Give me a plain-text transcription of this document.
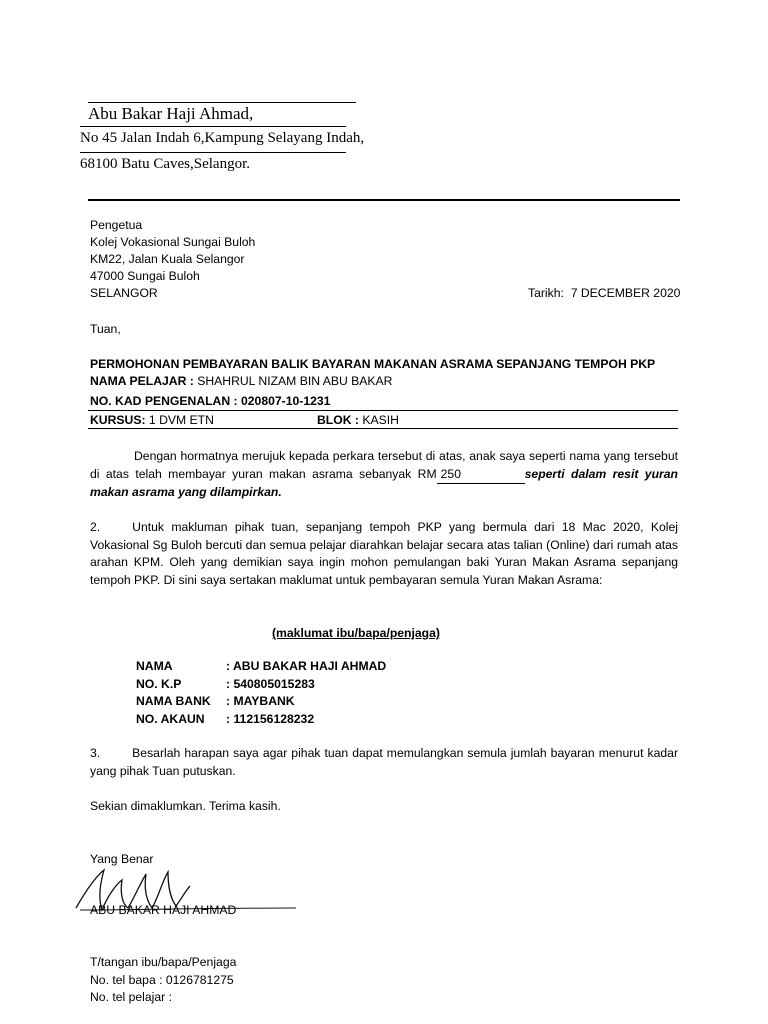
Abu Bakar Haji Ahmad,
No 45 Jalan Indah 6,Kampung Selayang Indah,
68100 Batu Caves,Selangor.
Pengetua
Kolej Vokasional Sungai Buloh
KM22, Jalan Kuala Selangor
47000 Sungai Buloh
SELANGOR	Tarikh: 7 DECEMBER 2020
Tuan,
PERMOHONAN PEMBAYARAN BALIK BAYARAN MAKANAN ASRAMA SEPANJANG TEMPOH PKP
NAMA PELAJAR : SHAHRUL NIZAM BIN ABU BAKAR
NO. KAD PENGENALAN : 020807-10-1231
KURSUS: 1 DVM ETN	BLOK : KASIH
Dengan hormatnya merujuk kepada perkara tersebut di atas, anak saya seperti nama yang tersebut di atas telah membayar yuran makan asrama sebanyak RM 250	seperti dalam resit yuran makan asrama yang dilampirkan.
2.	Untuk makluman pihak tuan, sepanjang tempoh PKP yang bermula dari 18 Mac 2020, Kolej Vokasional Sg Buloh bercuti dan semua pelajar diarahkan belajar secara atas talian (Online) dari rumah atas arahan KPM. Oleh yang demikian saya ingin mohon pemulangan baki Yuran Makan Asrama sepanjang tempoh PKP. Di sini saya sertakan maklumat untuk pembayaran semula Yuran Makan Asrama:
(maklumat ibu/bapa/penjaga)
NAMA	: ABU BAKAR HAJI AHMAD
NO. K.P	: 540805015283
NAMA BANK : MAYBANK
NO. AKAUN : 112156128232
3.	Besarlah harapan saya agar pihak tuan dapat memulangkan semula jumlah bayaran menurut kadar yang pihak Tuan putuskan.
Sekian dimaklumkan. Terima kasih.
Yang Benar
ABU BAKAR HAJI AHMAD
T/tangan ibu/bapa/Penjaga
No. tel bapa : 0126781275
No. tel pelajar :
